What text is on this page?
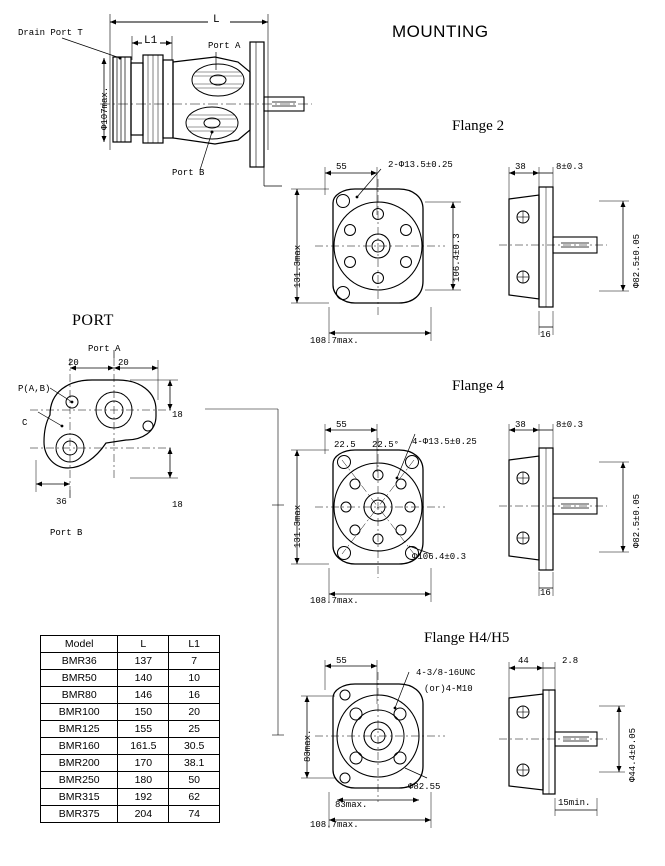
MOUNTING
Drain Port T
Port A
Port B
Φ107max.
L
L1
PORT
Port A
Port B
P(A,B)
C
20	20
18
18
36
Flange 2
55	2-Φ13.5±0.25
131.3max	106.4±0.3
108.7max.
38	8±0.3
Φ82.5±0.05
16
Flange 4
55
22.5 22.5° 4-Φ13.5±0.25
131.3max
Φ106.4±0.3
108.7max.
38	8±0.3
Φ82.5±0.05
16
Flange H4/H5
55
4-3/8-16UNC
(or)4-M10
83max.
Φ82.55
83max.
108.7max.
44	2.8
Φ44.4±0.05
15min.
Model	L	L1
BMR36	137	7
BMR50	140	10
BMR80	146	16
BMR100	150	20
BMR125	155	25
BMR160	161.5	30.5
BMR200	170	38.1
BMR250	180	50
BMR315	192	62
BMR375	204	74
